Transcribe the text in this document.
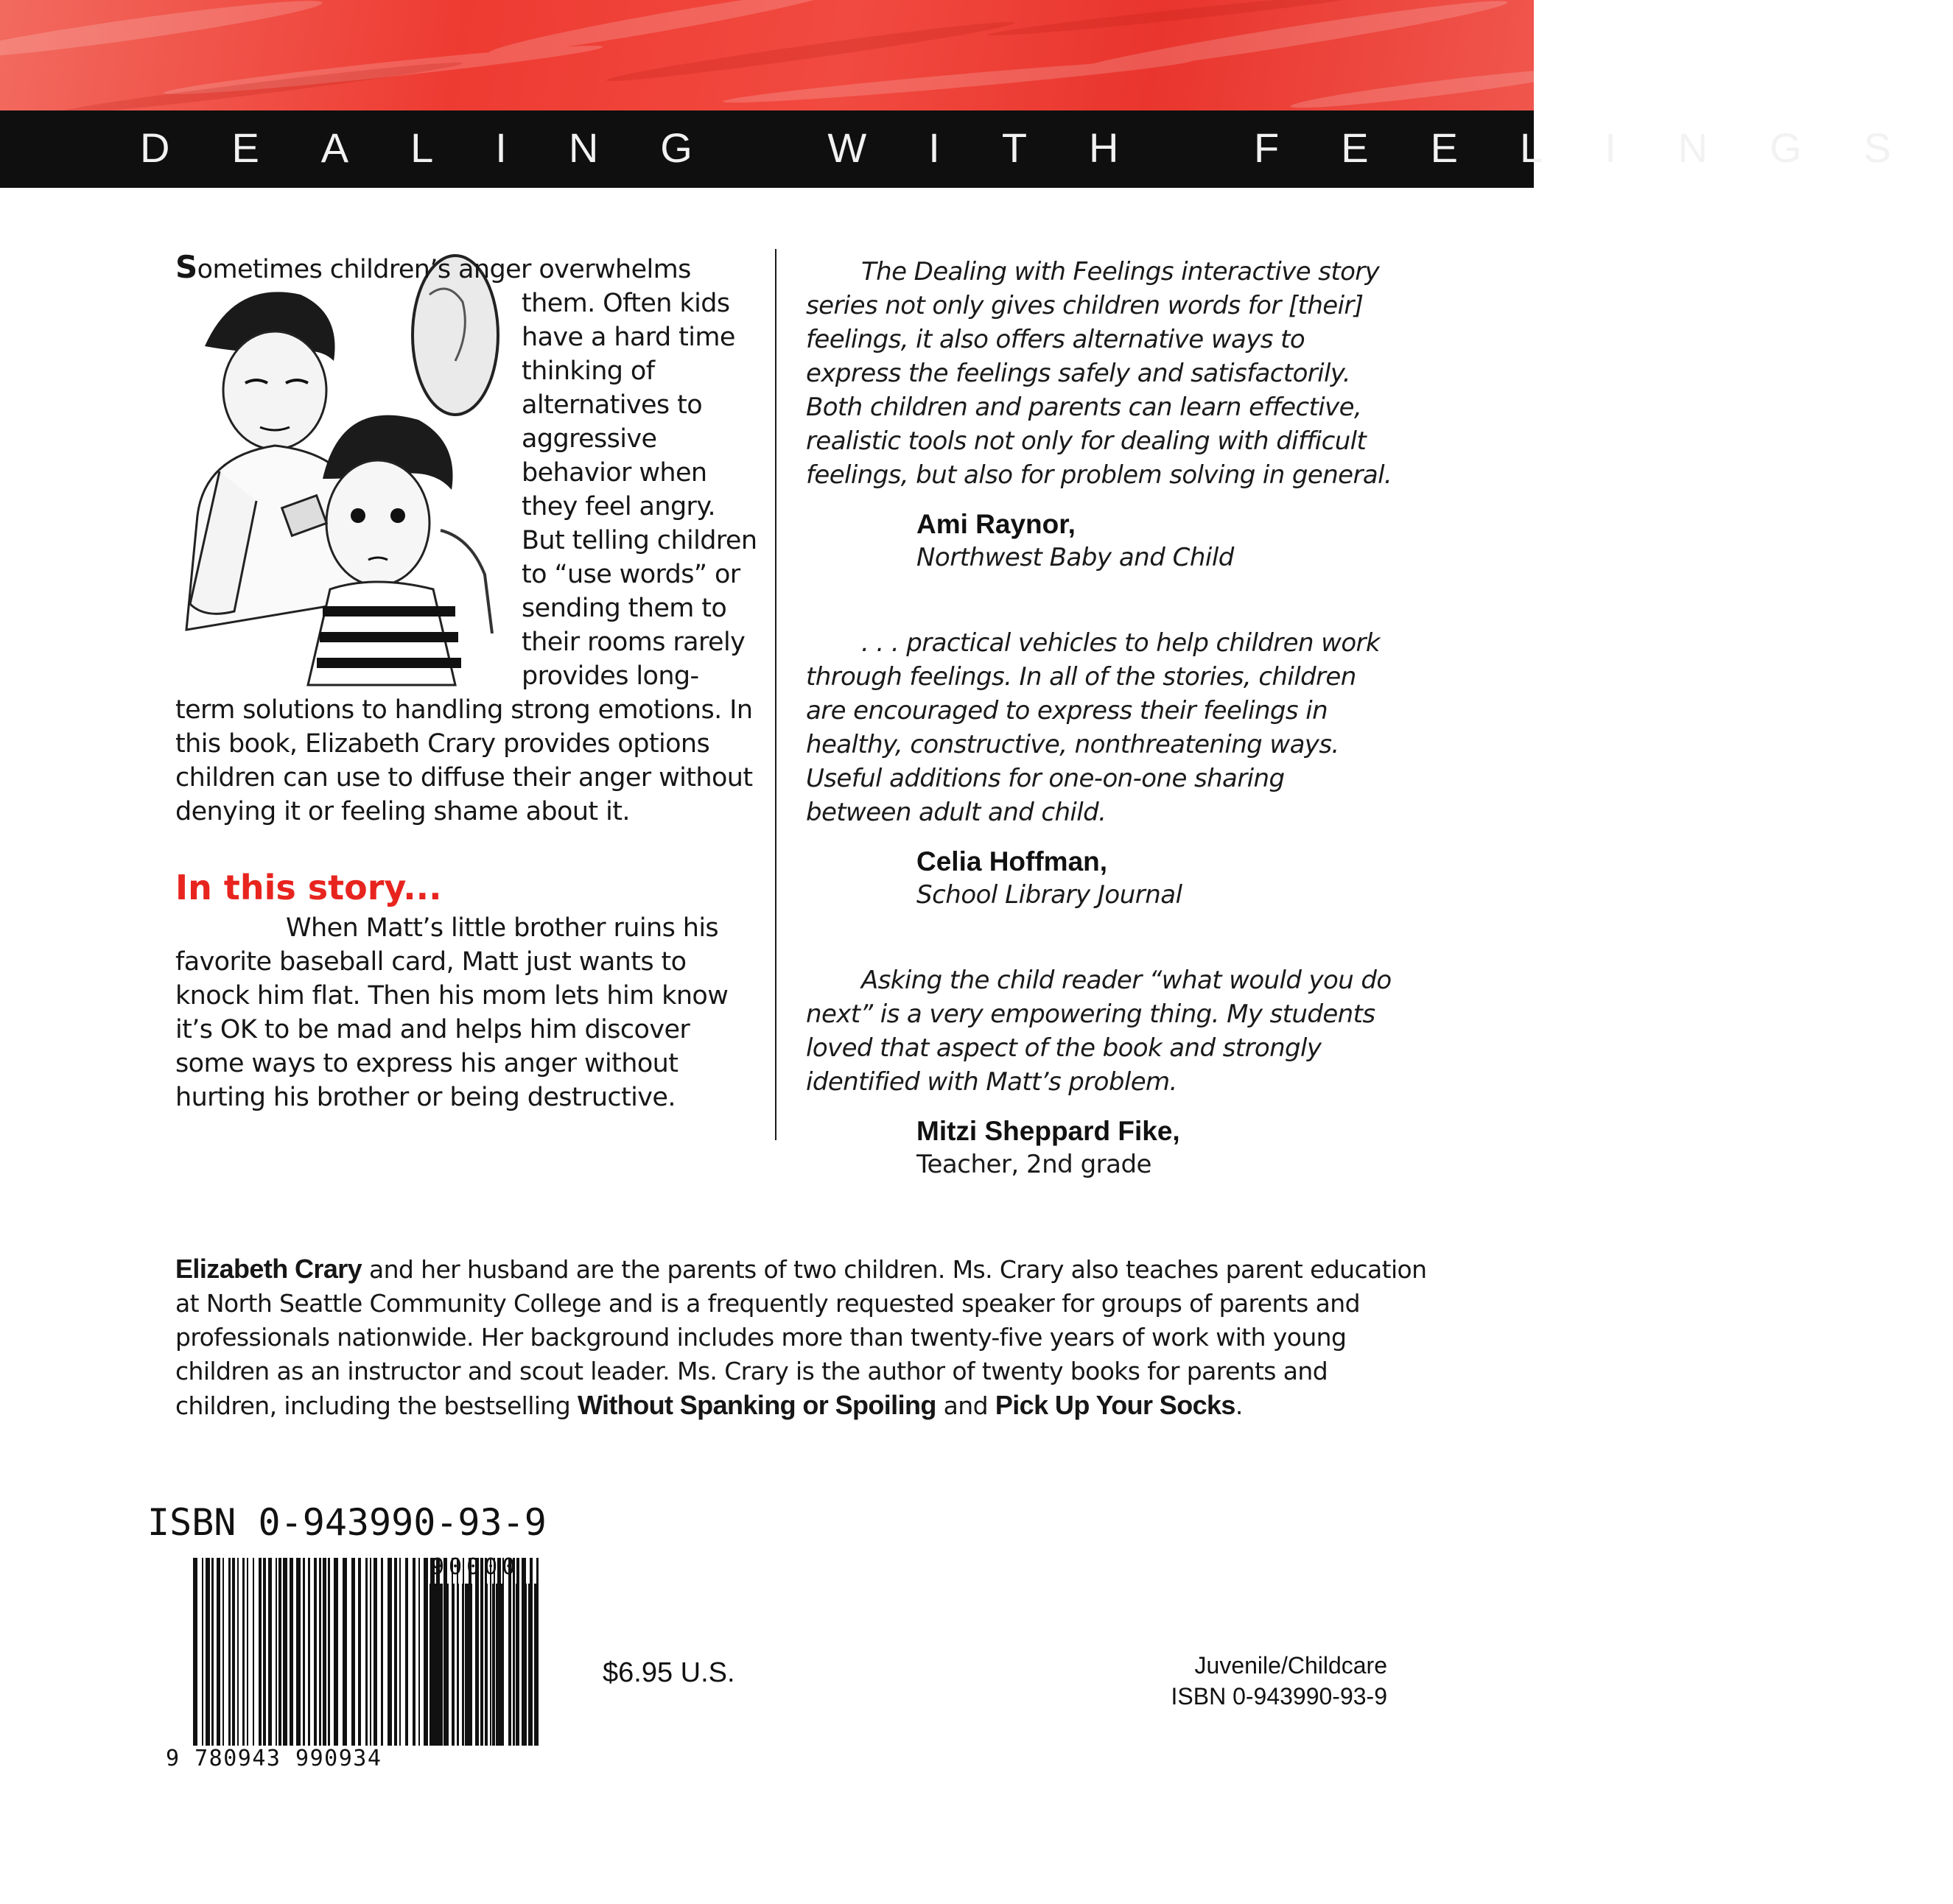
DEALING WITH FEELINGS

S
ometimes children’s anger overwhelms them. Often kids have a hard time thinking of alternatives to aggressive behavior when they feel angry. But telling children to “use words” or sending them to their rooms rarely provides long-term solutions to handling strong emotions. In this book, Elizabeth Crary provides options children can use to diffuse their anger without denying it or feeling shame about it.

In this story...

When Matt’s little brother ruins his favorite baseball card, Matt just wants to knock him flat. Then his mom lets him know it’s OK to be mad and helps him discover some ways to express his anger without hurting his brother or being destructive.

The Dealing with Feelings interactive story series not only gives children words for [their] feelings, it also offers alternative ways to express the feelings safely and satisfactorily. Both children and parents can learn effective, realistic tools not only for dealing with difficult feelings, but also for problem solving in general.

Ami Raynor,
Northwest Baby and Child

. . . practical vehicles to help children work through feelings. In all of the stories, children are encouraged to express their feelings in healthy, constructive, nonthreatening ways. Useful additions for one-on-one sharing between adult and child.

Celia Hoffman,
School Library Journal

Asking the child reader “what would you do next” is a very empowering thing. My students loved that aspect of the book and strongly identified with Matt’s problem.

Mitzi Sheppard Fike,
Teacher, 2nd grade

Elizabeth Crary and her husband are the parents of two children. Ms. Crary also teaches parent education at North Seattle Community College and is a frequently requested speaker for groups of parents and professionals nationwide. Her background includes more than twenty-five years of work with young children as an instructor and scout leader. Ms. Crary is the author of twenty books for parents and children, including the bestselling Without Spanking or Spoiling and Pick Up Your Socks.

ISBN 0-943990-93-9
90000
9 780943 990934
$6.95 U.S.	Juvenile/Childcare
ISBN 0-943990-93-9
